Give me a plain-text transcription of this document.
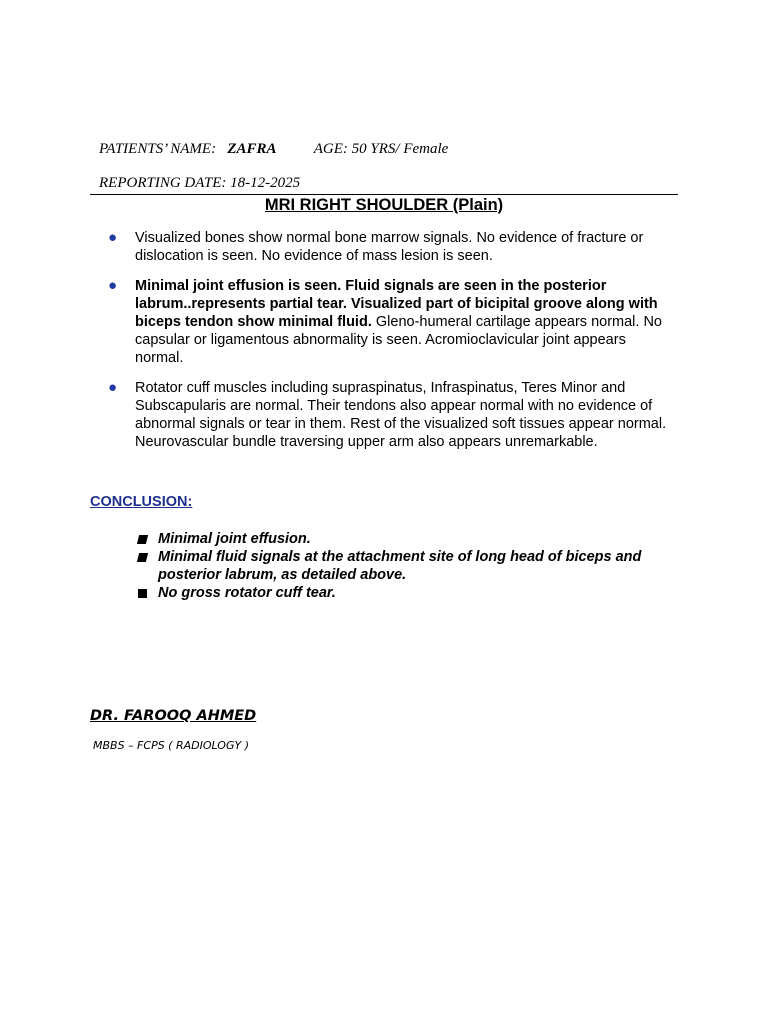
PATIENTS’ NAME: ZAFRA AGE: 50 YRS/ Female
REPORTING DATE: 18-12-2025
MRI RIGHT SHOULDER (Plain)
● Visualized bones show normal bone marrow signals. No evidence of fracture or dislocation is seen. No evidence of mass lesion is seen.
● Minimal joint effusion is seen. Fluid signals are seen in the posterior labrum..represents partial tear. Visualized part of bicipital groove along with biceps tendon show minimal fluid. Gleno-humeral cartilage appears normal. No capsular or ligamentous abnormality is seen. Acromioclavicular joint appears normal.
● Rotator cuff muscles including supraspinatus, Infraspinatus, Teres Minor and Subscapularis are normal. Their tendons also appear normal with no evidence of abnormal signals or tear in them. Rest of the visualized soft tissues appear normal. Neurovascular bundle traversing upper arm also appears unremarkable.
CONCLUSION:
Minimal joint effusion.
Minimal fluid signals at the attachment site of long head of biceps and posterior labrum, as detailed above.
No gross rotator cuff tear.
DR. FAROOQ AHMED
MBBS – FCPS ( RADIOLOGY )
